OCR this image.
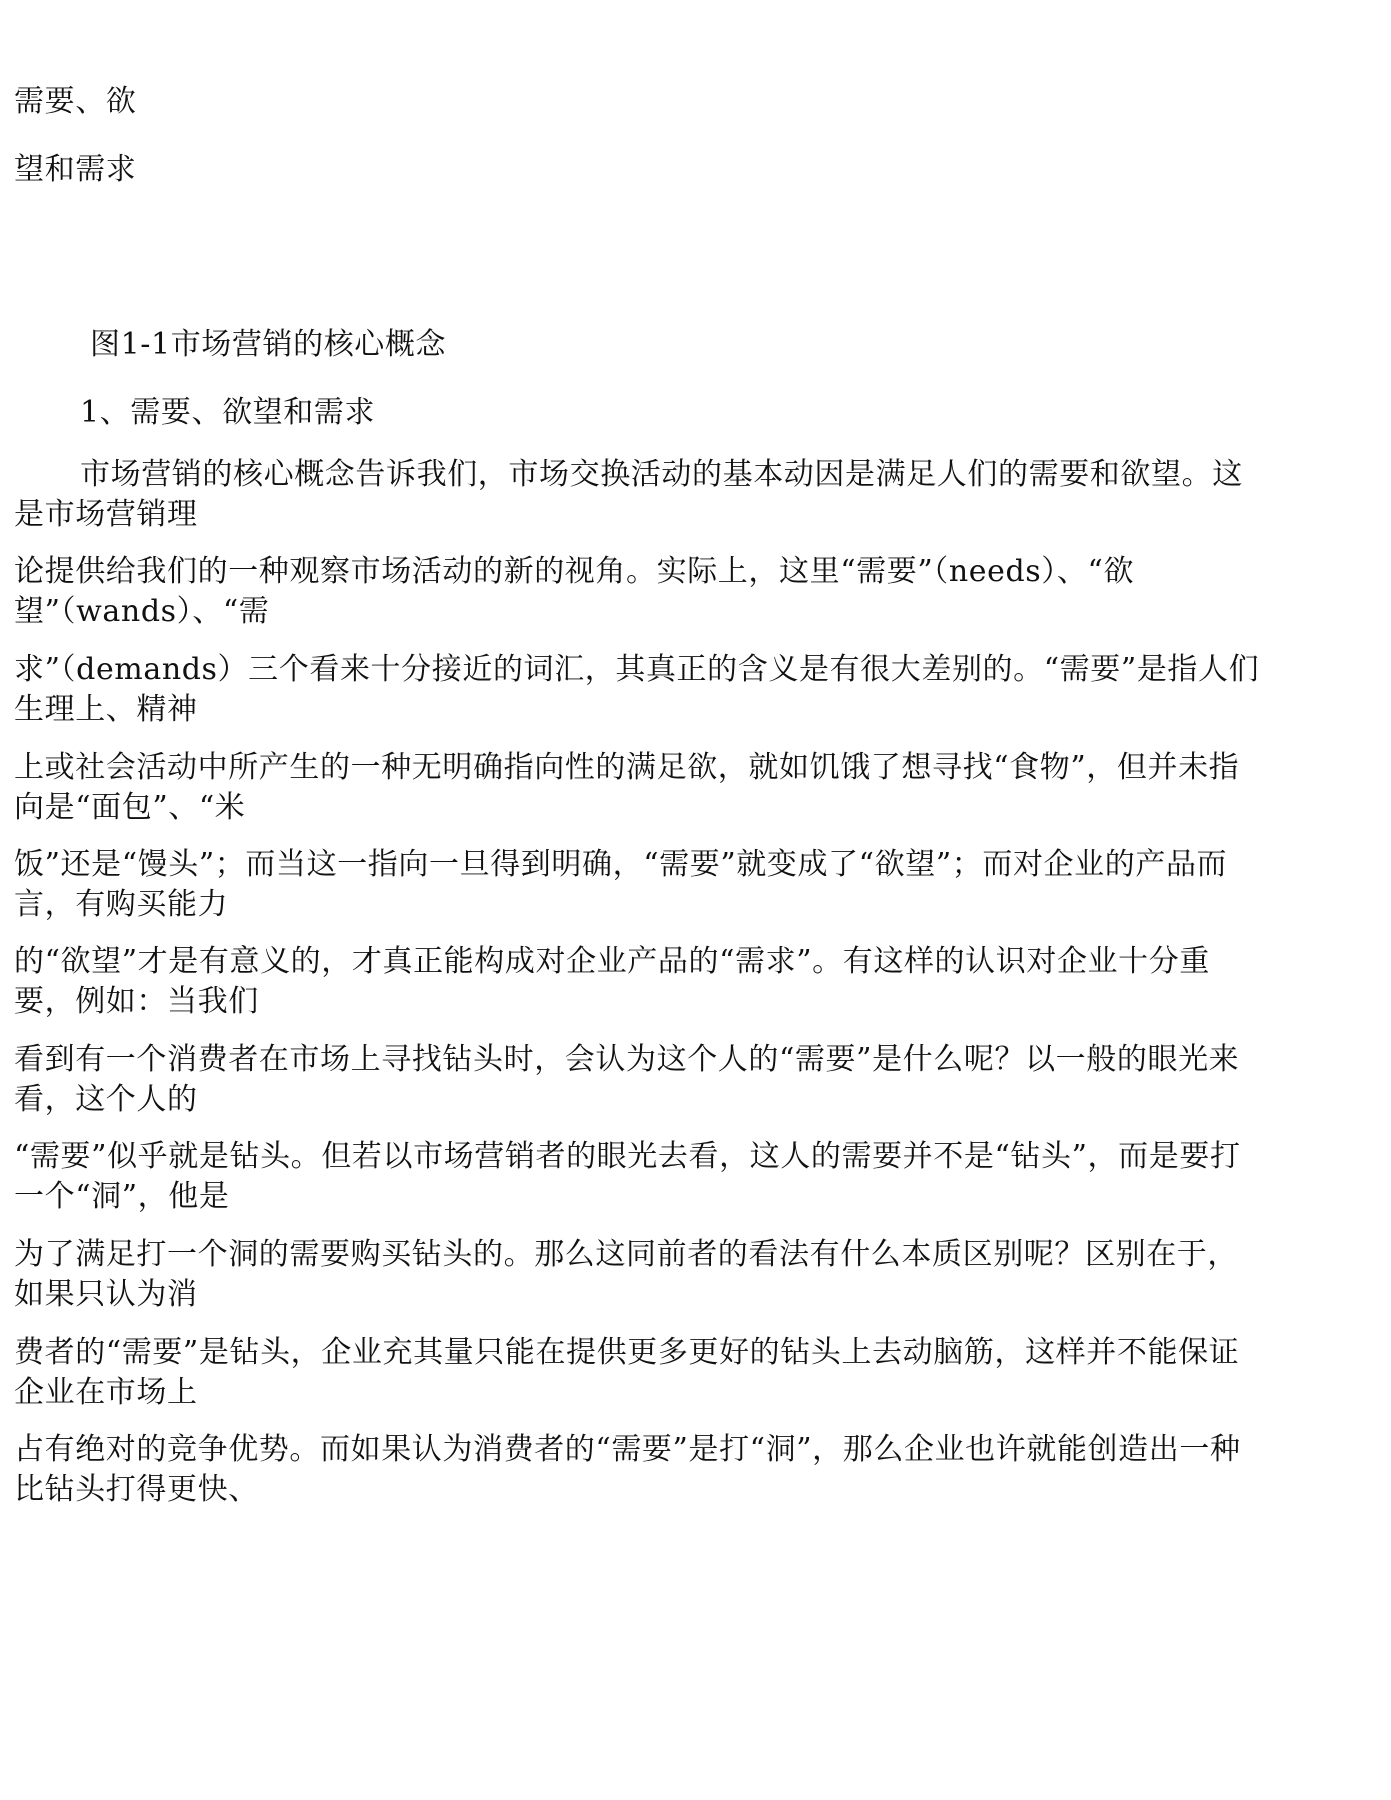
需要、欲
望和需求
图1-1市场营销的核心概念
1、需要、欲望和需求
市场营销的核心概念告诉我们，市场交换活动的基本动因是满足人们的需要和欲望。这
是市场营销理
论提供给我们的一种观察市场活动的新的视角。实际上，这里“需要”（needs）、“欲
望”（wands）、“需
求”（demands）三个看来十分接近的词汇，其真正的含义是有很大差别的。“需要”是指人们
生理上、精神
上或社会活动中所产生的一种无明确指向性的满足欲，就如饥饿了想寻找“食物”，但并未指
向是“面包”、“米
饭”还是“馒头”；而当这一指向一旦得到明确，“需要”就变成了“欲望”；而对企业的产品而
言，有购买能力
的“欲望”才是有意义的，才真正能构成对企业产品的“需求”。有这样的认识对企业十分重
要，例如：当我们
看到有一个消费者在市场上寻找钻头时，会认为这个人的“需要”是什么呢？以一般的眼光来
看，这个人的
“需要”似乎就是钻头。但若以市场营销者的眼光去看，这人的需要并不是“钻头”，而是要打
一个“洞”，他是
为了满足打一个洞的需要购买钻头的。那么这同前者的看法有什么本质区别呢？区别在于，
如果只认为消
费者的“需要”是钻头，企业充其量只能在提供更多更好的钻头上去动脑筋，这样并不能保证
企业在市场上
占有绝对的竞争优势。而如果认为消费者的“需要”是打“洞”，那么企业也许就能创造出一种
比钻头打得更快、
